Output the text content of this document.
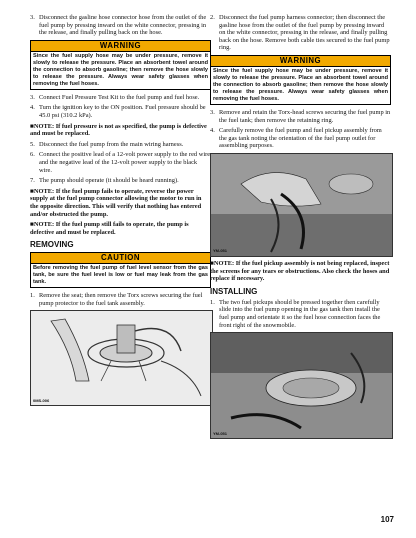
3. Disconnect the gasline hose connector hose from the outlet of the fuel pump by pressing inward on the white connector, pressing in the release, and finally pulling back on the hose.
WARNING
Since the fuel supply hose may be under pressure, remove it slowly to release the pressure. Place an absorbent towel around the connection to absorb gasoline; then remove the hose slowly to release the pressure. Always wear safety glasses when removing the fuel hoses.
3. Connect Fuel Pressure Test Kit to the fuel pump and fuel hose.
4. Turn the ignition key to the ON position. Fuel pressure should be 45.0 psi (310.2 kPa).
■NOTE: If fuel pressure is not as specified, the pump is defective and must be replaced.
5. Disconnect the fuel pump from the main wiring harness.
6. Connect the positive lead of a 12-volt power supply to the red wire and the negative lead of the 12-volt power supply to the black wire.
7. The pump should operate (it should be heard running).
■NOTE: If the fuel pump fails to operate, reverse the power supply at the fuel pump connector allowing the motor to run in the opposite direction. This will verify that nothing has entered and/or obstructed the pump.
■NOTE: If the fuel pump still fails to operate, the pump is defective and must be replaced.
REMOVING
CAUTION
Before removing the fuel pump of fuel level sensor from the gas tank, be sure the fuel level is low or fuel may leak from the gas tank.
1. Remove the seat; then remove the Torx screws securing the fuel pump protector to the fuel tank assembly.
0MS-006
2. Disconnect the fuel pump harness connector; then disconnect the gasline hose from the outlet of the fuel pump by pressing inward on the white connector, pressing in the release, and finally pulling back on the hose. Remove both cable ties secured to the fuel pump ring.
WARNING
Since the fuel supply hose may be under pressure, remove it slowly to release the pressure. Place an absorbent towel around the connection to absorb gasoline; then remove the hose slowly to release the pressure. Always wear safety glasses when removing the fuel hoses.
3. Remove and retain the Torx-head screws securing the fuel pump in the fuel tank; then remove the retaining ring.
4. Carefully remove the fuel pump and fuel pickup assembly from the gas tank noting the orientation of the fuel pump outlet for assembling purposes.
YM-051
■NOTE: If the fuel pickup assembly is not being replaced, inspect the screens for any tears or obstructions. Also check the hoses and replace if necessary.
INSTALLING
1. The two fuel pickups should be pressed together then carefully slide into the fuel pump opening in the gas tank then install the fuel pump and orientate it so the fuel hose connection faces the front right of the snowmobile.
YM-051
107
